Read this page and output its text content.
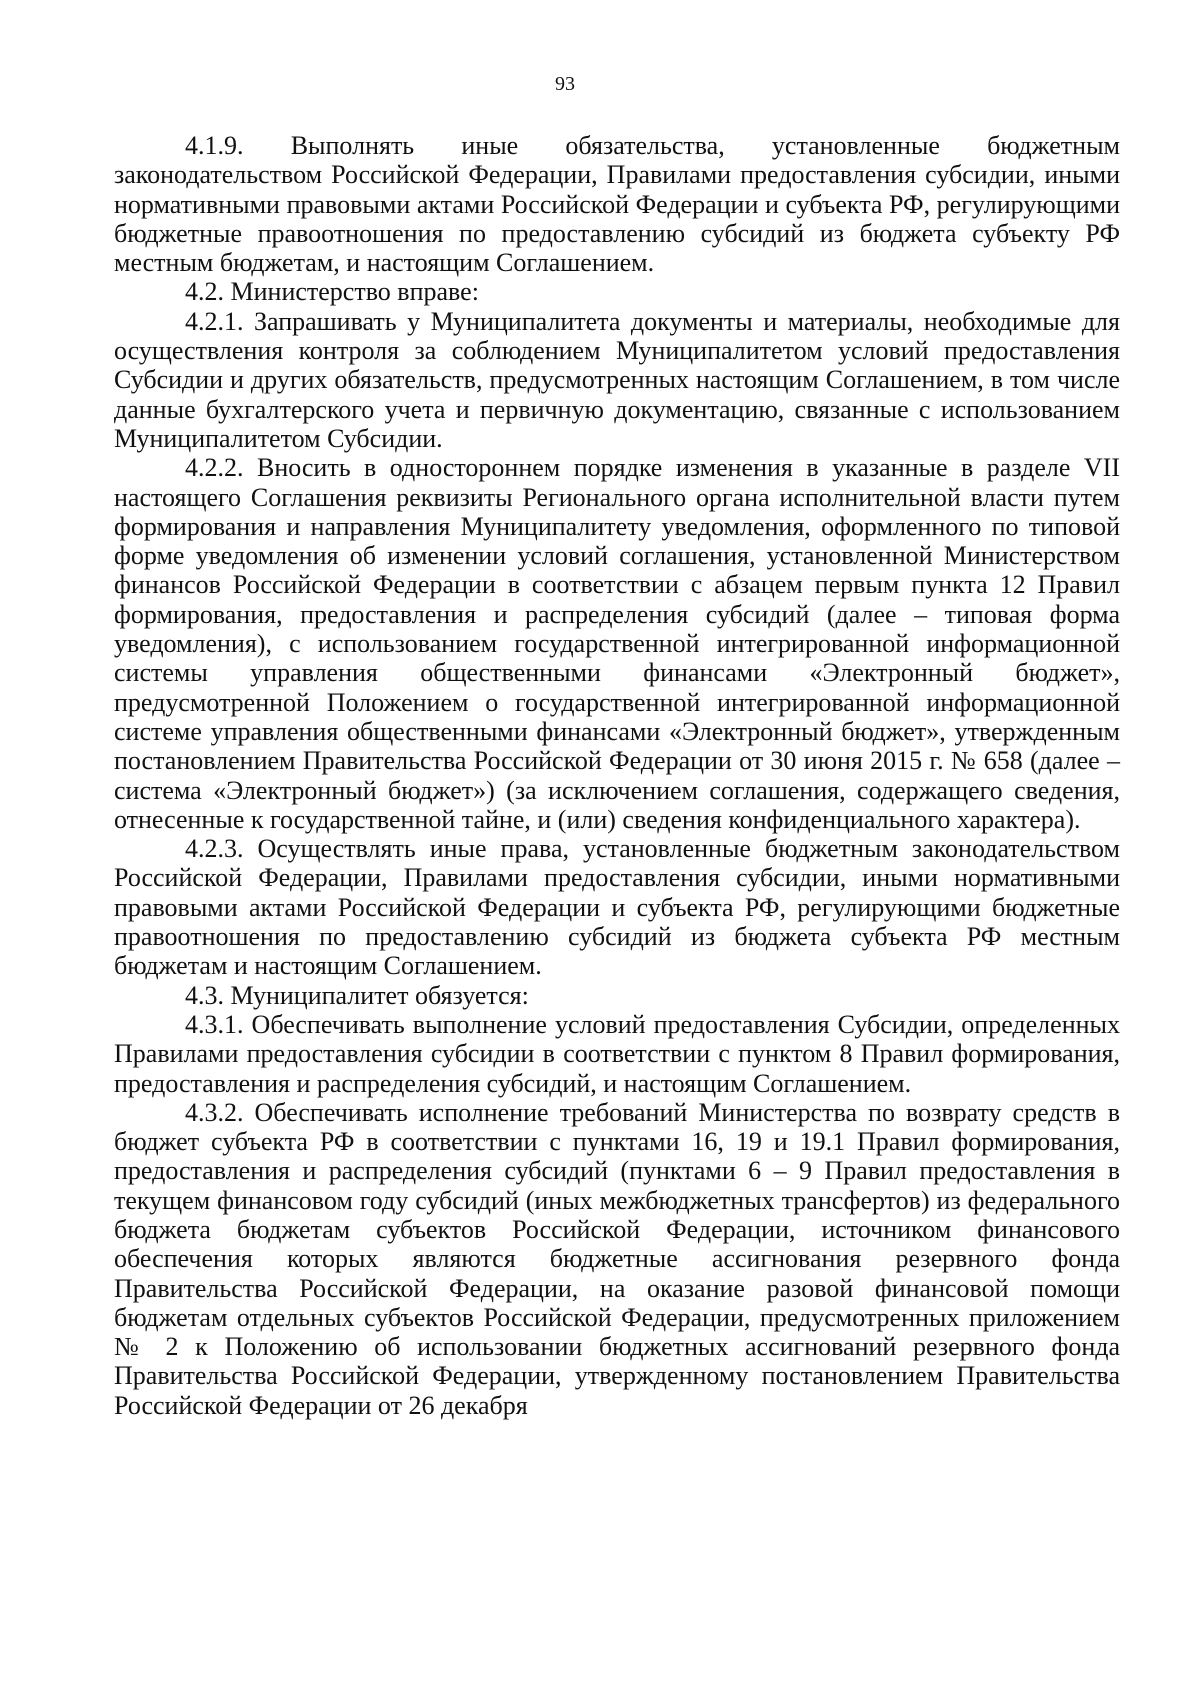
93

4.1.9. Выполнять иные обязательства, установленные бюджетным законодательством Российской Федерации, Правилами предоставления субсидии, иными нормативными правовыми актами Российской Федерации и субъекта РФ, регулирующими бюджетные правоотношения по предоставлению субсидий из бюджета субъекту РФ местным бюджетам, и настоящим Соглашением.

4.2. Министерство вправе:

4.2.1. Запрашивать у Муниципалитета документы и материалы, необходимые для осуществления контроля за соблюдением Муниципалитетом условий предоставления Субсидии и других обязательств, предусмотренных настоящим Соглашением, в том числе данные бухгалтерского учета и первичную документацию, связанные с использованием Муниципалитетом Субсидии.

4.2.2. Вносить в одностороннем порядке изменения в указанные в разделе VII настоящего Соглашения реквизиты Регионального органа исполнительной власти путем формирования и направления Муниципалитету уведомления, оформленного по типовой форме уведомления об изменении условий соглашения, установленной Министерством финансов Российской Федерации в соответствии с абзацем первым пункта 12 Правил формирования, предоставления и распределения субсидий (далее – типовая форма уведомления), с использованием государственной интегрированной информационной системы управления общественными финансами «Электронный бюджет», предусмотренной Положением о государственной интегрированной информационной системе управления общественными финансами «Электронный бюджет», утвержденным постановлением Правительства Российской Федерации от 30 июня 2015 г. № 658 (далее – система «Электронный бюджет») (за исключением соглашения, содержащего сведения, отнесенные к государственной тайне, и (или) сведения конфиденциального характера).

4.2.3. Осуществлять иные права, установленные бюджетным законодательством Российской Федерации, Правилами предоставления субсидии, иными нормативными правовыми актами Российской Федерации и субъекта РФ, регулирующими бюджетные правоотношения по предоставлению субсидий из бюджета субъекта РФ местным бюджетам и настоящим Соглашением.

4.3. Муниципалитет обязуется:

4.3.1. Обеспечивать выполнение условий предоставления Субсидии, определенных Правилами предоставления субсидии в соответствии с пунктом 8 Правил формирования, предоставления и распределения субсидий, и настоящим Соглашением.

4.3.2. Обеспечивать исполнение требований Министерства по возврату средств в бюджет субъекта РФ в соответствии с пунктами 16, 19 и 19.1 Правил формирования, предоставления и распределения субсидий (пунктами 6 – 9 Правил предоставления в текущем финансовом году субсидий (иных межбюджетных трансфертов) из федерального бюджета бюджетам субъектов Российской Федерации, источником финансового обеспечения которых являются бюджетные ассигнования резервного фонда Правительства Российской Федерации, на оказание разовой финансовой помощи бюджетам отдельных субъектов Российской Федерации, предусмотренных приложением № 2 к Положению об использовании бюджетных ассигнований резервного фонда Правительства Российской Федерации, утвержденному постановлением Правительства Российской Федерации от 26 декабря
